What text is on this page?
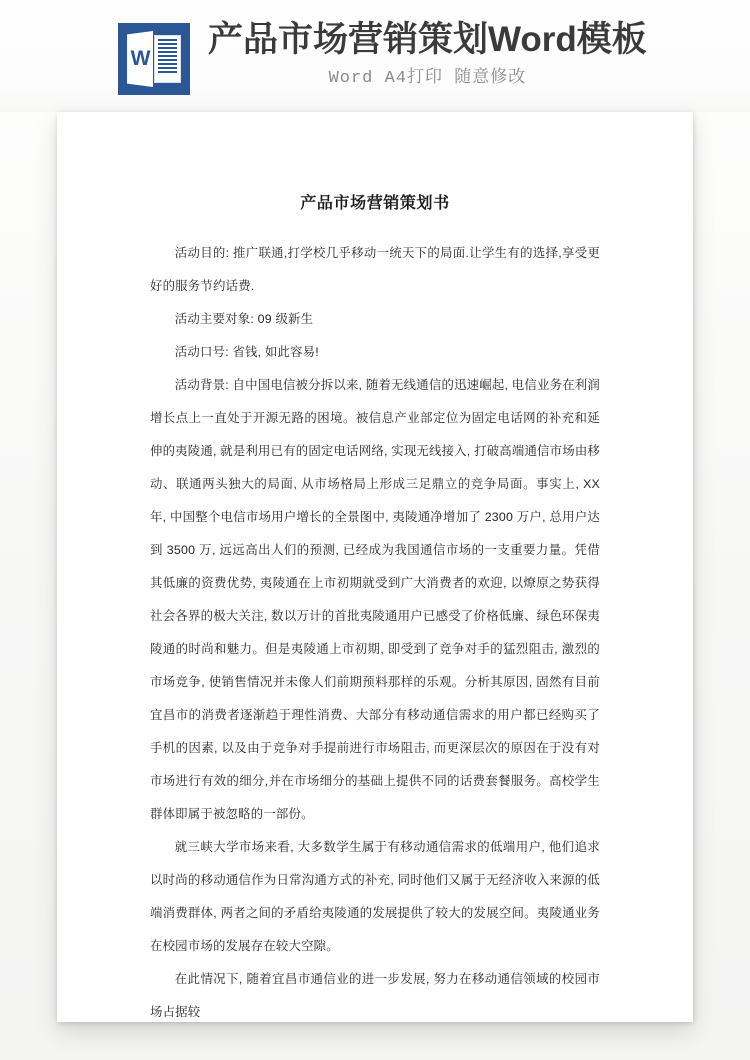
W 产品市场营销策划Word模板
Word A4打印 随意修改
产品市场营销策划书

活动目的: 推广联通,打学校几乎移动一统天下的局面.让学生有的选择,享受更好的服务节约话费.

活动主要对象: 09 级新生

活动口号: 省钱, 如此容易!

活动背景: 自中国电信被分拆以来, 随着无线通信的迅速崛起, 电信业务在利润增长点上一直处于开源无路的困境。被信息产业部定位为固定电话网的补充和延伸的夷陵通, 就是利用已有的固定电话网络, 实现无线接入, 打破高端通信市场由移动、联通两头独大的局面, 从市场格局上形成三足鼎立的竞争局面。事实上, XX 年, 中国整个电信市场用户增长的全景图中, 夷陵通净增加了 2300 万户, 总用户达到 3500 万, 远远高出人们的预测, 已经成为我国通信市场的一支重要力量。凭借其低廉的资费优势, 夷陵通在上市初期就受到广大消费者的欢迎, 以燎原之势获得社会各界的极大关注, 数以万计的首批夷陵通用户已感受了价格低廉、绿色环保夷陵通的时尚和魅力。但是夷陵通上市初期, 即受到了竞争对手的猛烈阻击, 激烈的市场竞争, 使销售情况并未像人们前期预料那样的乐观。分析其原因, 固然有目前宜昌市的消费者逐渐趋于理性消费、大部分有移动通信需求的用户都已经购买了手机的因素, 以及由于竞争对手提前进行市场阻击, 而更深层次的原因在于没有对市场进行有效的细分,并在市场细分的基础上提供不同的话费套餐服务。高校学生群体即属于被忽略的一部份。

就三峡大学市场来看, 大多数学生属于有移动通信需求的低端用户, 他们追求以时尚的移动通信作为日常沟通方式的补充, 同时他们又属于无经济收入来源的低端消费群体, 两者之间的矛盾给夷陵通的发展提供了较大的发展空间。夷陵通业务在校园市场的发展存在较大空隙。

在此情况下, 随着宜昌市通信业的进一步发展, 努力在移动通信领域的校园市场占据较
